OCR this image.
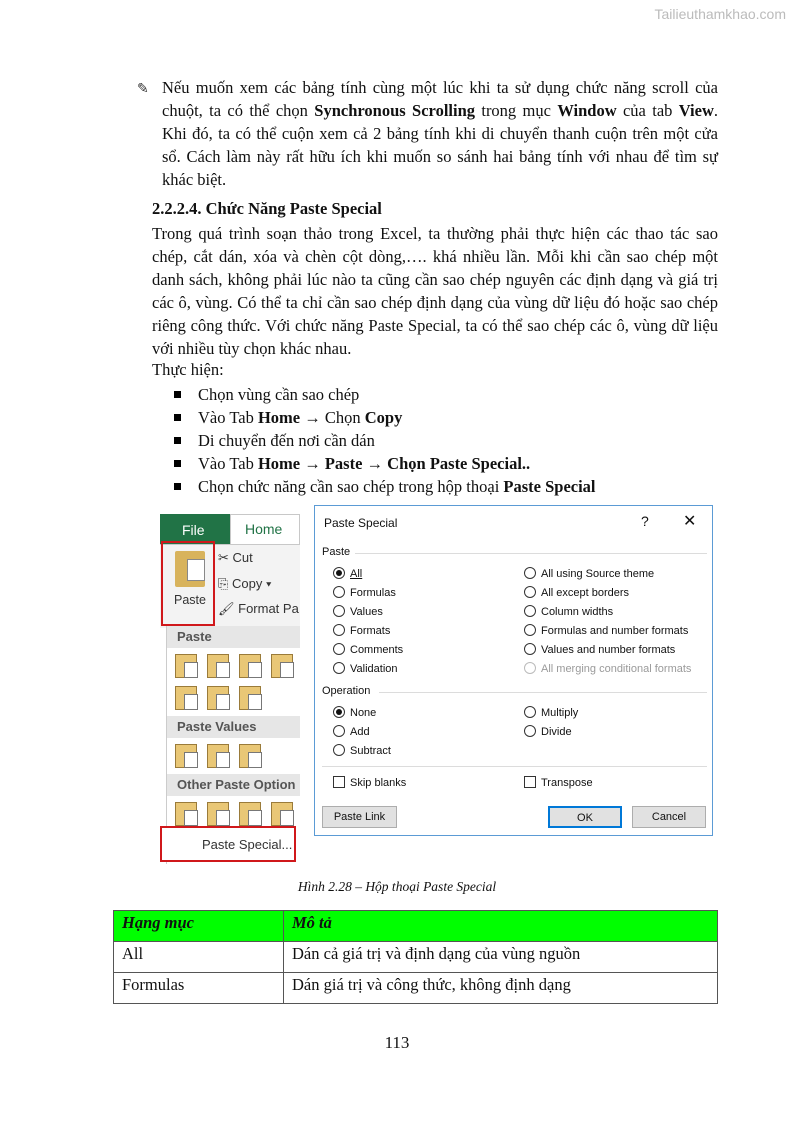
Tailieuthamkhao.com
✎ Nếu muốn xem các bảng tính cùng một lúc khi ta sử dụng chức năng scroll của chuột, ta có thể chọn Synchronous Scrolling trong mục Window của tab View. Khi đó, ta có thể cuộn xem cả 2 bảng tính khi di chuyển thanh cuộn trên một cửa sổ. Cách làm này rất hữu ích khi muốn so sánh hai bảng tính với nhau để tìm sự khác biệt.
2.2.2.4. Chức Năng Paste Special
Trong quá trình soạn thảo trong Excel, ta thường phải thực hiện các thao tác sao chép, cắt dán, xóa và chèn cột dòng,…. khá nhiều lần. Mỗi khi cần sao chép một danh sách, không phải lúc nào ta cũng cần sao chép nguyên các định dạng và giá trị các ô, vùng. Có thể ta chỉ cần sao chép định dạng của vùng dữ liệu đó hoặc sao chép riêng công thức. Với chức năng Paste Special, ta có thể sao chép các ô, vùng dữ liệu với nhiều tùy chọn khác nhau.
Thực hiện:
Chọn vùng cần sao chép
Vào Tab Home → Chọn Copy
Di chuyển đến nơi cần dán
Vào Tab Home → Paste → Chọn Paste Special..
Chọn chức năng cần sao chép trong hộp thoại Paste Special
File	Home
Paste
✂ Cut
⎘ Copy ▾
🖌 Format Pa
Paste
Paste Values
Other Paste Option
Paste Special...
Paste Special	? ✕
Paste
All
Formulas
Values
Formats
Comments
Validation
All using Source theme
All except borders
Column widths
Formulas and number formats
Values and number formats
All merging conditional formats
Operation
None
Add
Subtract
Multiply
Divide
Skip blanks	Transpose
Paste Link	OK	Cancel
Hình 2.28 – Hộp thoại Paste Special
Hạng mục	Mô tả
All	Dán cả giá trị và định dạng của vùng nguồn
Formulas	Dán giá trị và công thức, không định dạng
113
